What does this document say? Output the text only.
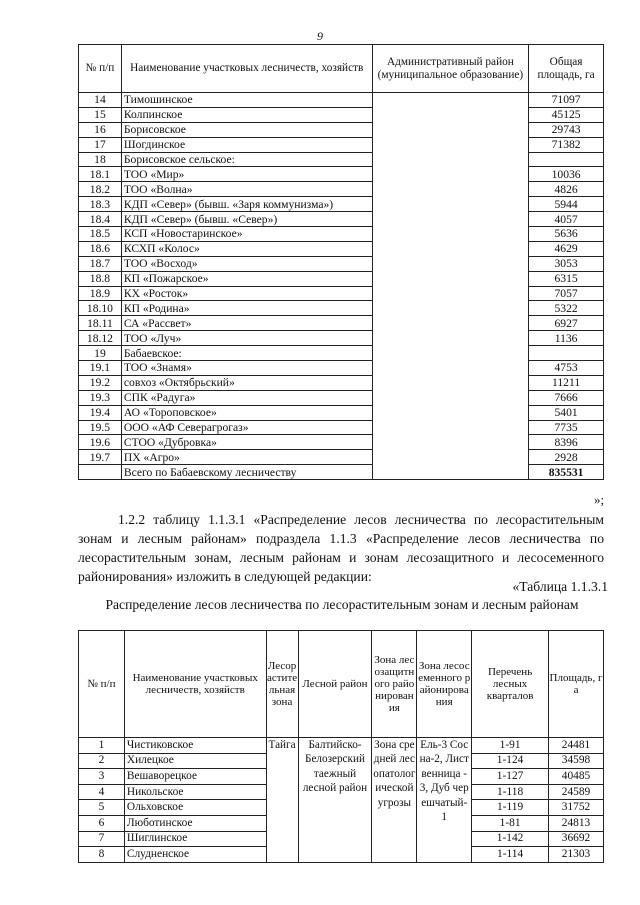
9
№ п/п	Наименование участковых лесничеств, хозяйств	Административный район (муниципальное образование)	Общая площадь, га
14	Тимошинское		71097
15	Колпинское		45125
16	Борисовское		29743
17	Шогдинское		71382
18	Борисовское сельское:		
18.1	ТОО «Мир»		10036
18.2	ТОО «Волна»		4826
18.3	КДП «Север» (бывш. «Заря коммунизма»)		5944
18.4	КДП «Север» (бывш. «Север»)		4057
18.5	КСП «Новостаринское»		5636
18.6	КСХП «Колос»		4629
18.7	ТОО «Восход»		3053
18.8	КП «Пожарское»		6315
18.9	КХ «Росток»		7057
18.10	КП «Родина»		5322
18.11	СА «Рассвет»		6927
18.12	ТОО «Луч»		1136
19	Бабаевское:		
19.1	ТОО «Знамя»		4753
19.2	совхоз «Октябрьский»		11211
19.3	СПК «Радуга»		7666
19.4	АО «Тороповское»		5401
19.5	ООО «АФ Северагрогаз»		7735
19.6	СТОО «Дубровка»		8396
19.7	ПХ «Агро»		2928
	Всего по Бабаевскому лесничеству		835531
»;

1.2.2 таблицу 1.1.3.1 «Распределение лесов лесничества по лесорастительным зонам и лесным районам» подраздела 1.1.3 «Распределение лесов лесничества по лесорастительным зонам, лесным районам и зонам лесозащитного и лесосеменного районирования» изложить в следующей редакции:

«Таблица 1.1.3.1
Распределение лесов лесничества по лесорастительным зонам и лесным районам
№ п/п	Наименование участковых лесничеств, хозяйств	Лесорастительная зона	Лесной район	Зона лесозащитного районирования	Зона лесосеменного районирования	Перечень лесных кварталов	Площадь, га
1	Чистиковское	Тайга	Балтийско-Белозерский таежный лесной район	Зона средней лесопатологической угрозы	Ель-3 Сосна-2, Лиственница - 3, Дуб черешчатый- 1	1-91	24481
2	Хилецкое					1-124	34598
3	Вешаворецкое					1-127	40485
4	Никольское					1-118	24589
5	Ольховское					1-119	31752
6	Люботинское					1-81	24813
7	Шиглинское					1-142	36692
8	Слудненское					1-114	21303
